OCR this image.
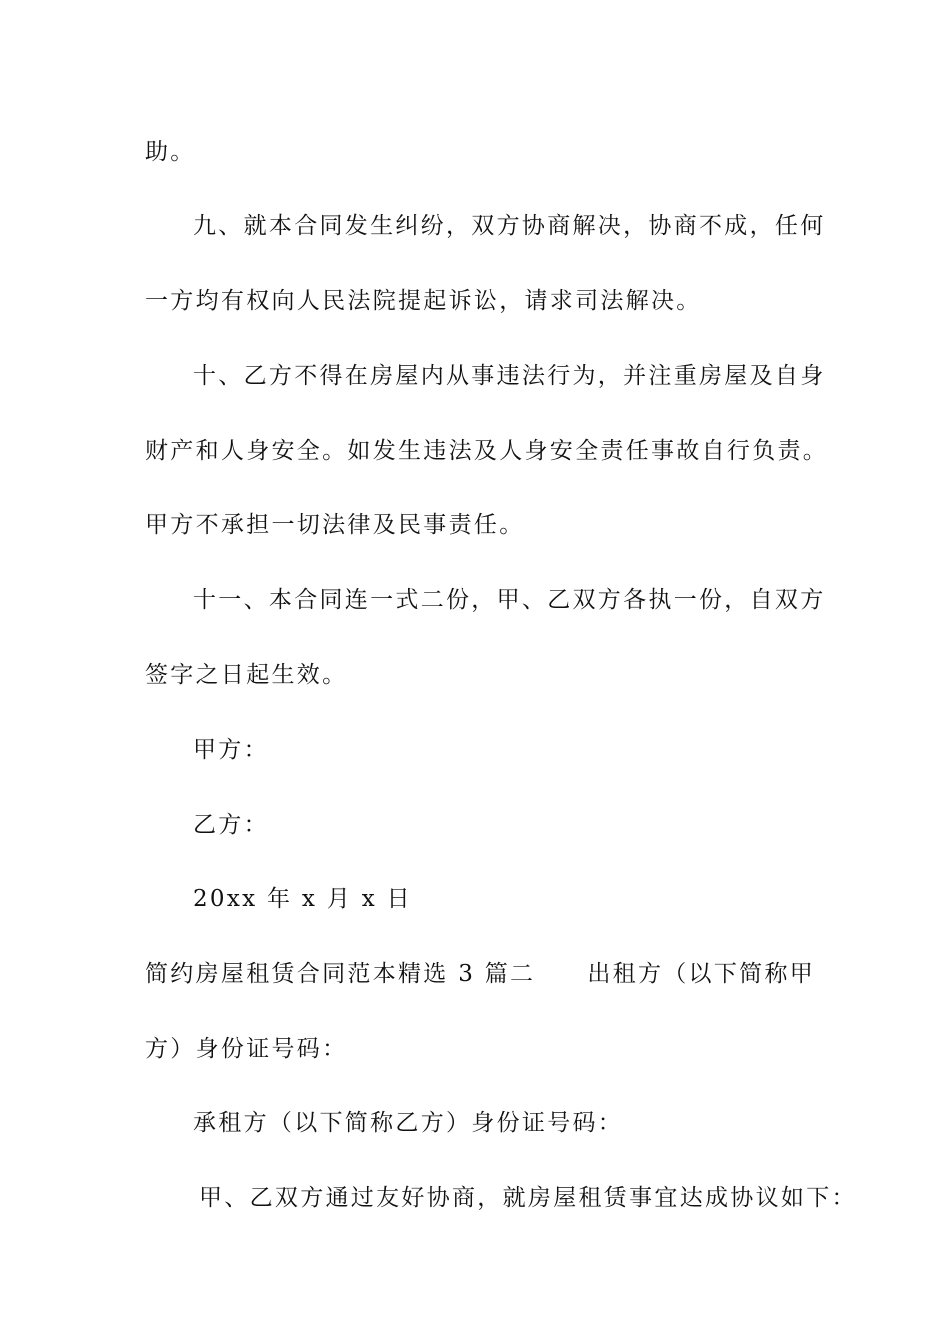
助。
九、就本合同发生纠纷，双方协商解决，协商不成，任何
一方均有权向人民法院提起诉讼，请求司法解决。
十、乙方不得在房屋内从事违法行为，并注重房屋及自身
财产和人身安全。如发生违法及人身安全责任事故自行负责。
甲方不承担一切法律及民事责任。
十一、本合同连一式二份，甲、乙双方各执一份，自双方
签字之日起生效。
甲方：
乙方：
20xx 年 x 月 x 日
简约房屋租赁合同范本精选 3 篇二 出租方（以下简称甲
方）身份证号码：
承租方（以下简称乙方）身份证号码：
甲、乙双方通过友好协商，就房屋租赁事宜达成协议如下：
